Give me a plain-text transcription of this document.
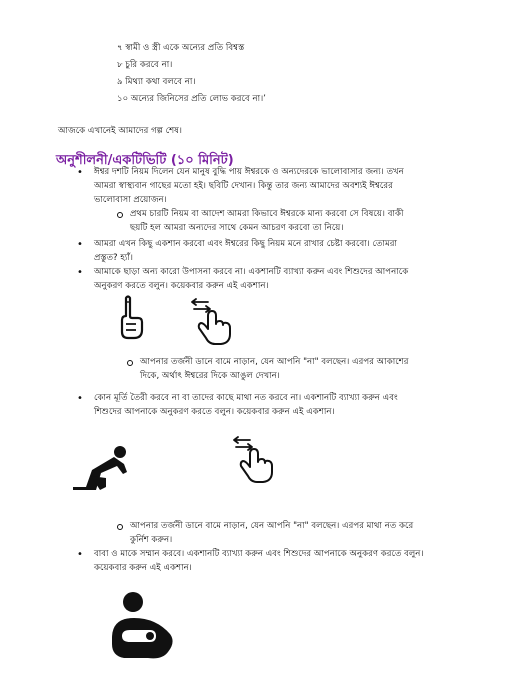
৭ স্বামী ও স্ত্রী একে অন্যের প্রতি বিশ্বস্ত
৮ চুরি করবে না।
৯ মিথ্যা কথা বলবে না।
১০ অন্যের জিনিসের প্রতি লোভ করবে না।’
আজকে এখানেই আমাদের গল্প শেষ।
অনুশীলনী/একটিভিটি (১০ মিনিট)
• ঈশ্বর দশটি নিয়ম দিলেন যেন মানুষ বুদ্ধি পায় ঈশ্বরকে ও অন্যদেরকে ভালোবাসার জন্য। তখন
আমরা স্বাস্থ্যবান গাছের মতো হই। ছবিটি দেখান। কিন্তু তার জন্য আমাদের অবশ্যই ঈশ্বরের
ভালোবাসা প্রয়োজন।
প্রথম চারটি নিয়ম বা আদেশ আমরা কিভাবে ঈশ্বরকে মান্য করবো সে বিষয়ে। বাকী
ছয়টি হল আমরা অন্যদের সাথে কেমন আচরণ করবো তা নিয়ে।
• আমরা এখন কিছু একশান করবো এবং ঈশ্বরের কিছু নিয়ম মনে রাখার চেষ্টা করবো। তোমরা
প্রস্তুত? হ্যাঁ।
• আমাকে ছাড়া অন্য কারো উপাসনা করবে না। একশানটি ব্যাখ্যা করুন এবং শিশুদের আপনাকে
অনুকরণ করতে বলুন। কয়েকবার করুন এই একশান।
আপনার তর্জনী ডানে বামে নাড়ান, যেন আপনি "না" বলছেন। এরপর আকাশের
দিকে, অর্থাৎ ঈশ্বরের দিকে আঙুল দেখান।
• কোন মূর্তি তৈরী করবে না বা তাদের কাছে মাথা নত করবে না। একশানটি ব্যাখ্যা করুন এবং
শিশুদের আপনাকে অনুকরণ করতে বলুন। কয়েকবার করুন এই একশান।
আপনার তর্জনী ডানে বামে নাড়ান, যেন আপনি "না" বলছেন। এরপর মাথা নত করে
কুর্নিশ করুন।
• বাবা ও মাকে সম্মান করবে। একশানটি ব্যাখ্যা করুন এবং শিশুদের আপনাকে অনুকরণ করতে বলুন।
কয়েকবার করুন এই একশান।
